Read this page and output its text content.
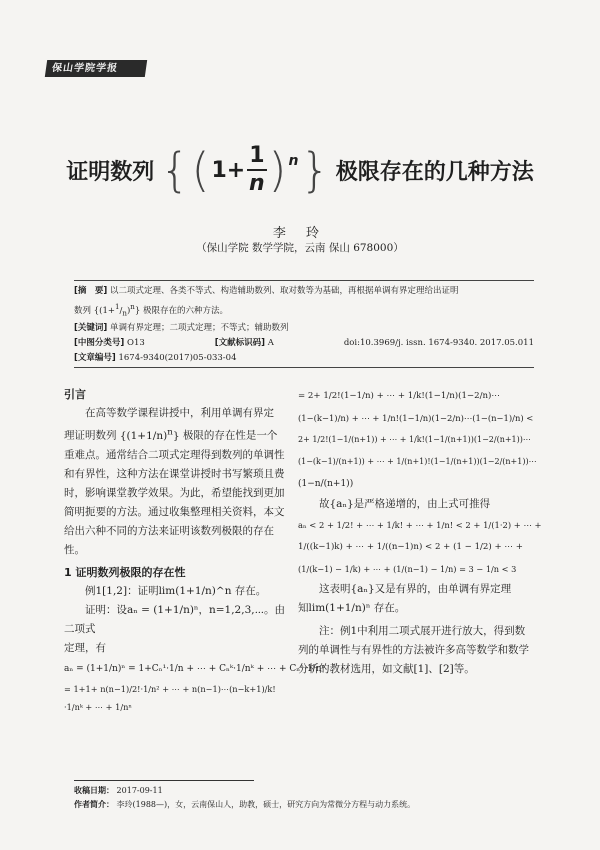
保山学院学报
证明数列 { ( $1+ \frac{1}{n}$ ) n } 极限存在的几种方法
李 玲
（保山学院 数学学院，云南 保山 678000）

[摘　要] 以二项式定理、各类不等式、构造辅助数列、取对数等为基础，再根据单调有界定理给出证明

数列 $\{(1+^1/_n)^n\}$ 极限存在的六种方法。

[关键词] 单调有界定理；二项式定理；不等式；辅助数列

[中图分类号] O13	[文献标识码] A	doi:10.3969/j. issn. 1674-9340. 2017.05.011

[文章编号] 1674-9340(2017)05-033-04

引言
在高等数学课程讲授中，利用单调有界定
理证明数列 $\{(1+1/n)^n\}$ 极限的存在性是一个
重难点。通常结合二项式定理得到数列的单调性和有界性，这种方法在课堂讲授时书写繁琐且费时，影响课堂教学效果。为此，希望能找到更加简明扼要的方法。通过收集整理相关资料，本文给出六种不同的方法来证明该数列极限的存在性。
1 证明数列极限的存在性
例1[1,2]：证明lim(1+1/n)^n 存在。
证明：设aₙ = (1+1/n)ⁿ，n=1,2,3,⋯。由二项式
定理，有
aₙ = (1+1/n)ⁿ = 1+Cₙ¹·1/n + ⋯ + Cₙᵏ·1/nᵏ + ⋯ + Cₙⁿ·1/nⁿ
= 1+1+ n(n−1)/2!·1/n² + ⋯ + n(n−1)⋯(n−k+1)/k!·1/nᵏ + ⋯ + 1/nⁿ
= 2+ 1/2!(1−1/n) + ⋯ + 1/k!(1−1/n)(1−2/n)⋯
(1−(k−1)/n) + ⋯ + 1/n!(1−1/n)(1−2/n)⋯(1−(n−1)/n) <
2+ 1/2!(1−1/(n+1)) + ⋯ + 1/k!(1−1/(n+1))(1−2/(n+1))⋯
(1−(k−1)/(n+1)) + ⋯ + 1/(n+1)!(1−1/(n+1))(1−2/(n+1))⋯
(1−n/(n+1))
故{aₙ}是严格递增的，由上式可推得
aₙ < 2 + 1/2! + ⋯ + 1/k! + ⋯ + 1/n! < 2 + 1/(1·2) + ⋯ +
1/((k−1)k) + ⋯ + 1/((n−1)n) < 2 + (1 − 1/2) + ⋯ +
(1/(k−1) − 1/k) + ⋯ + (1/(n−1) − 1/n) = 3 − 1/n < 3
这表明{aₙ}又是有界的，由单调有界定理
知lim(1+1/n)ⁿ 存在。
注：例1中利用二项式展开进行放大，得到数列的单调性与有界性的方法被许多高等数学和数学分析的教材选用，如文献[1]、[2]等。
收稿日期： 2017-09-11
作者简介： 李玲(1988—)，女，云南保山人，助教，硕士，研究方向为常微分方程与动力系统。
